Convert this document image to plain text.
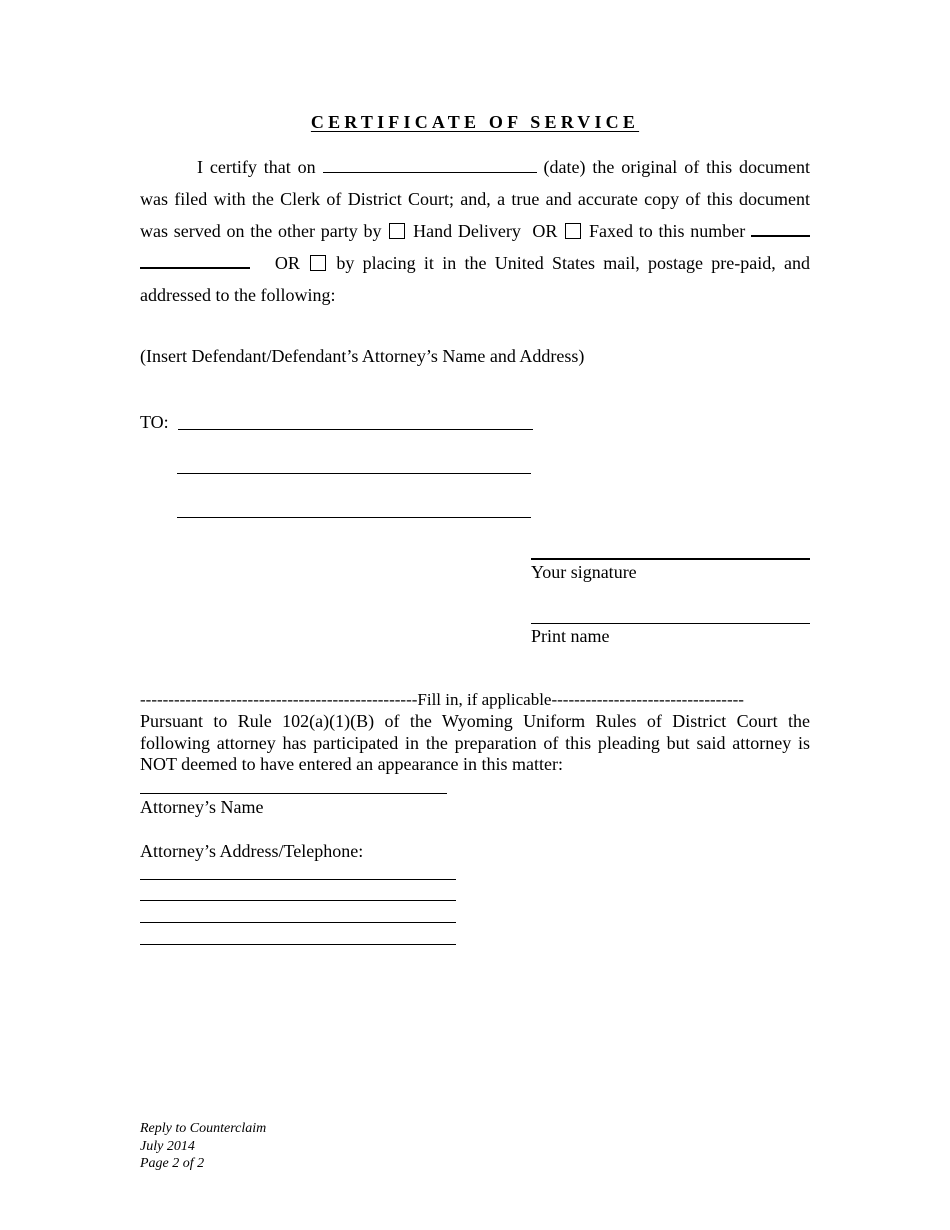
CERTIFICATE OF SERVICE
I certify that on	(date) the original of this document was filed with the Clerk of District Court; and, a true and accurate copy of this document was served on the other party by Hand Delivery OR Faxed to this number     OR by placing it in the United States mail, postage pre-paid, and addressed to the following:
(Insert Defendant/Defendant’s Attorney’s Name and Address)
TO:
Your signature
Print name
-------------------------------------------------Fill in, if applicable----------------------------------
Pursuant to Rule 102(a)(1)(B) of the Wyoming Uniform Rules of District Court the following attorney has participated in the preparation of this pleading but said attorney is NOT deemed to have entered an appearance in this matter:
Attorney’s Name
Attorney’s Address/Telephone:
Reply to Counterclaim
July 2014
Page 2 of 2
